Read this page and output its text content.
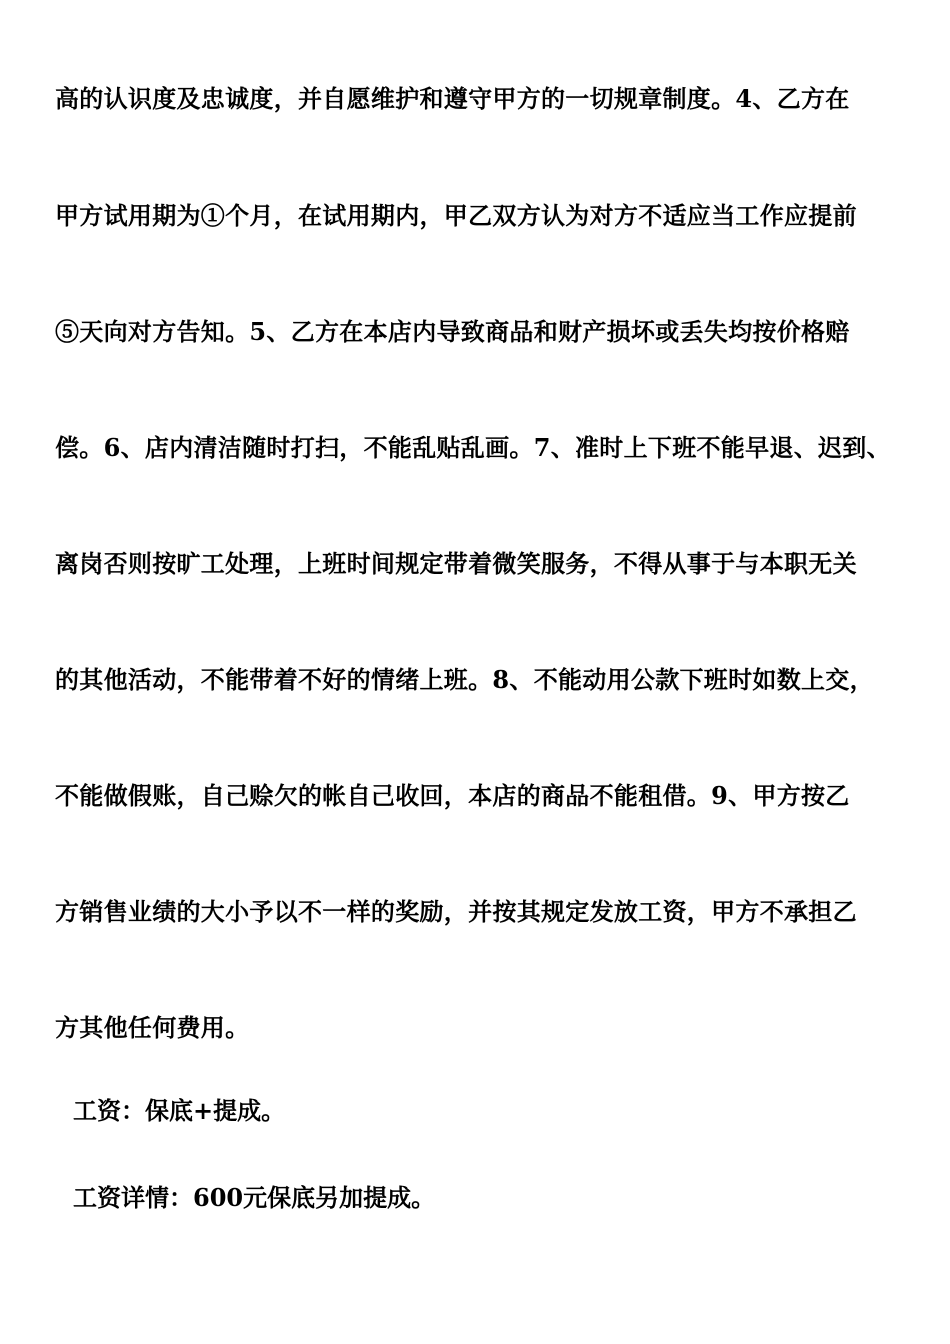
高的认识度及忠诚度，并自愿维护和遵守甲方的一切规章制度。4、乙方在
甲方试用期为①个月，在试用期内，甲乙双方认为对方不适应当工作应提前
⑤天向对方告知。5、乙方在本店内导致商品和财产损坏或丢失均按价格赔
偿。6、店内清洁随时打扫，不能乱贴乱画。7、准时上下班不能早退、迟到、
离岗否则按旷工处理，上班时间规定带着微笑服务，不得从事于与本职无关
的其他活动，不能带着不好的情绪上班。8、不能动用公款下班时如数上交，
不能做假账，自己赊欠的帐自己收回，本店的商品不能租借。9、甲方按乙
方销售业绩的大小予以不一样的奖励，并按其规定发放工资，甲方不承担乙
方其他任何费用。
工资：保底+提成。
工资详情：600元保底另加提成。
